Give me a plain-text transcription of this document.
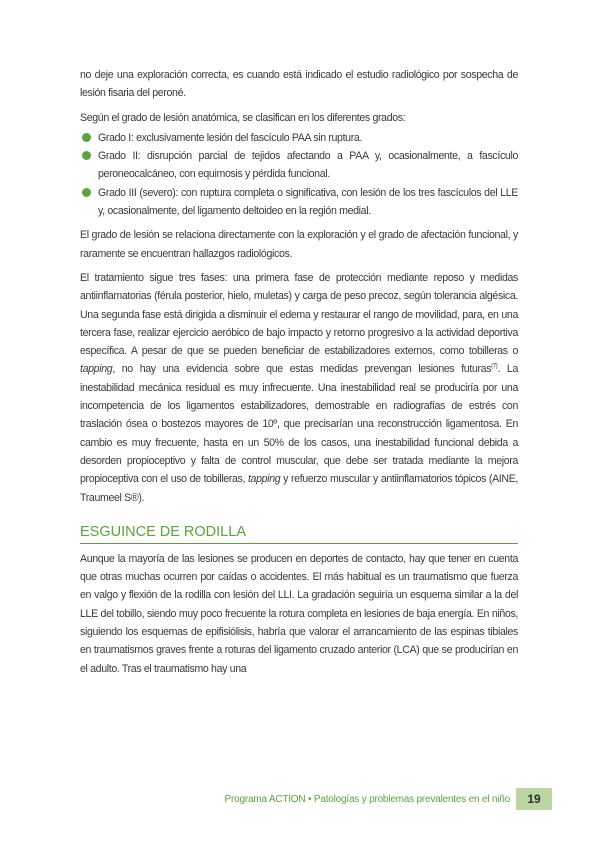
no deje una exploración correcta, es cuando está indicado el estudio radiológico por sospecha de lesión fisaria del peroné.

Según el grado de lesión anatómica, se clasifican en los diferentes grados:

Grado I: exclusivamente lesión del fascículo PAA sin ruptura.
Grado II: disrupción parcial de tejidos afectando a PAA y, ocasionalmente, a fascículo peroneocalcáneo, con equimosis y pérdida funcional.
Grado III (severo): con ruptura completa o significativa, con lesión de los tres fascículos del LLE y, ocasionalmente, del ligamento deltoideo en la región medial.

El grado de lesión se relaciona directamente con la exploración y el grado de afectación funcional, y raramente se encuentran hallazgos radiológicos.

El tratamiento sigue tres fases: una primera fase de protección mediante reposo y medidas antiinflamatorias (férula posterior, hielo, muletas) y carga de peso precoz, según tolerancia algésica. Una segunda fase está dirigida a disminuir el edema y restaurar el rango de movilidad, para, en una tercera fase, realizar ejercicio aeróbico de bajo impacto y retorno progresivo a la actividad deportiva específica. A pesar de que se pueden beneficiar de estabilizadores externos, como tobilleras o tapping, no hay una evidencia sobre que estas medidas prevengan lesiones futuras$^{(7)}$. La inestabilidad mecánica residual es muy infrecuente. Una inestabilidad real se produciría por una incompetencia de los ligamentos estabilizadores, demostrable en radiografías de estrés con traslación ósea o bostezos mayores de 10º, que precisarían una reconstrucción ligamentosa. En cambio es muy frecuente, hasta en un 50% de los casos, una inestabilidad funcional debida a desorden propioceptivo y falta de control muscular, que debe ser tratada mediante la mejora propioceptiva con el uso de tobilleras, tapping y refuerzo muscular y antiinflamatorios tópicos (AINE, Traumeel S®).

ESGUINCE DE RODILLA

Aunque la mayoría de las lesiones se producen en deportes de contacto, hay que tener en cuenta que otras muchas ocurren por caídas o accidentes. El más habitual es un traumatismo que fuerza en valgo y flexión de la rodilla con lesión del LLI. La gradación seguiría un esquema similar a la del LLE del tobillo, siendo muy poco frecuente la rotura completa en lesiones de baja energía. En niños, siguiendo los esquemas de epifisiólisis, habría que valorar el arrancamiento de las espinas tibiales en traumatismos graves frente a roturas del ligamento cruzado anterior (LCA) que se producirían en el adulto. Tras el traumatismo hay una

Programa ACTION • Patologías y problemas prevalentes en el niño	19
